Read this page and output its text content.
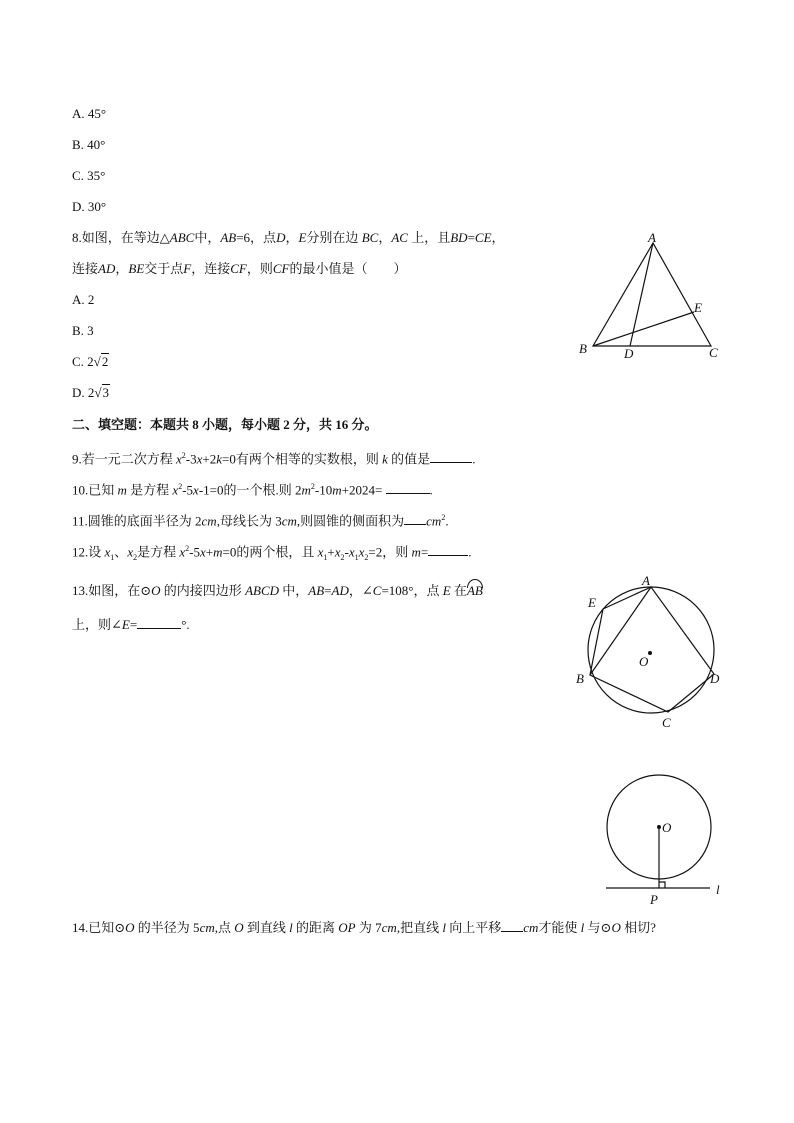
A. 45°
B. 40°
C. 35°
D. 30°
8.如图，在等边△ABC中，AB=6，点D，E分别在边 BC，AC 上，且BD=CE，
连接AD，BE交于点F，连接CF，则CF的最小值是（　　）
A. 2
B. 3
C. 2√2
D. 2√3
A
B	C
D
E
二、填空题：本题共 8 小题，每小题 2 分，共 16 分。
9.若一元二次方程 $x^2-3x+2k=0$有两个相等的实数根，则 k 的值是	.
10.已知 m 是方程 $x^2-5x-1=0$的一个根.则 $2m^2-10m+2024=$	.
11.圆锥的底面半径为 2cm,母线长为 3cm,则圆锥的侧面积为 $cm^2$.
12.设 $x_1$、$x_2$是方程 $x^2-5x+m=0$的两个根，且 $x_1+x_2-x_1x_2=2$，则 m=	.
13.如图，在⊙O 的内接四边形 ABCD 中，AB=AD，∠C=108°，点 E 在AB
上，则∠E=	°.
A
B
C
D
E
O
O
P
l
14.已知⊙O 的半径为 5cm,点 O 到直线 l 的距离 OP 为 7cm,把直线 l 向上平移 cm才能使 l 与⊙O 相切?
